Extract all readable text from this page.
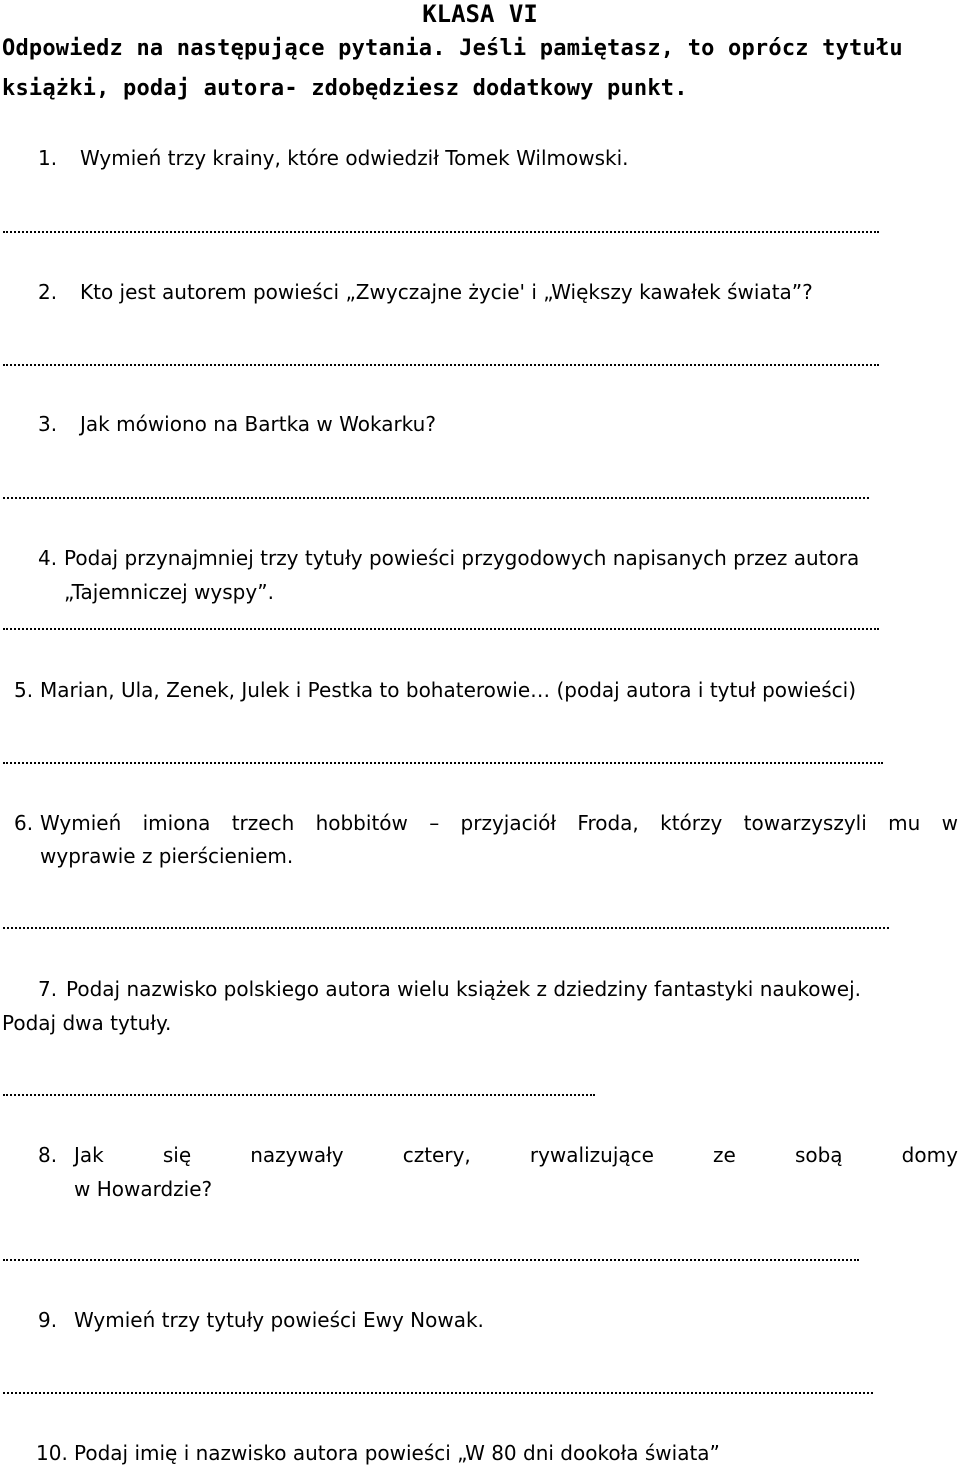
KLASA VI
Odpowiedz na następujące pytania. Jeśli pamiętasz, to oprócz tytułu
książki, podaj autora- zdobędziesz dodatkowy punkt.
1. Wymień trzy krainy, które odwiedził Tomek Wilmowski.
2. Kto jest autorem powieści „Zwyczajne życie' i „Większy kawałek świata”?
3. Jak mówiono na Bartka w Wokarku?
4. Podaj przynajmniej trzy tytuły powieści przygodowych napisanych przez autora
„Tajemniczej wyspy”.
5. Marian, Ula, Zenek, Julek i Pestka to bohaterowie… (podaj autora i tytuł powieści)
6. Wymień imiona trzech hobbitów – przyjaciół Froda, którzy towarzyszyli mu w
wyprawie z pierścieniem.
7. Podaj nazwisko polskiego autora wielu książek z dziedziny fantastyki naukowej.
Podaj dwa tytuły.
8. Jak	się	nazywały	cztery,	rywalizujące	ze	sobą	domy
w Howardzie?
9. Wymień trzy tytuły powieści Ewy Nowak.
10. Podaj imię i nazwisko autora powieści „W 80 dni dookoła świata”
